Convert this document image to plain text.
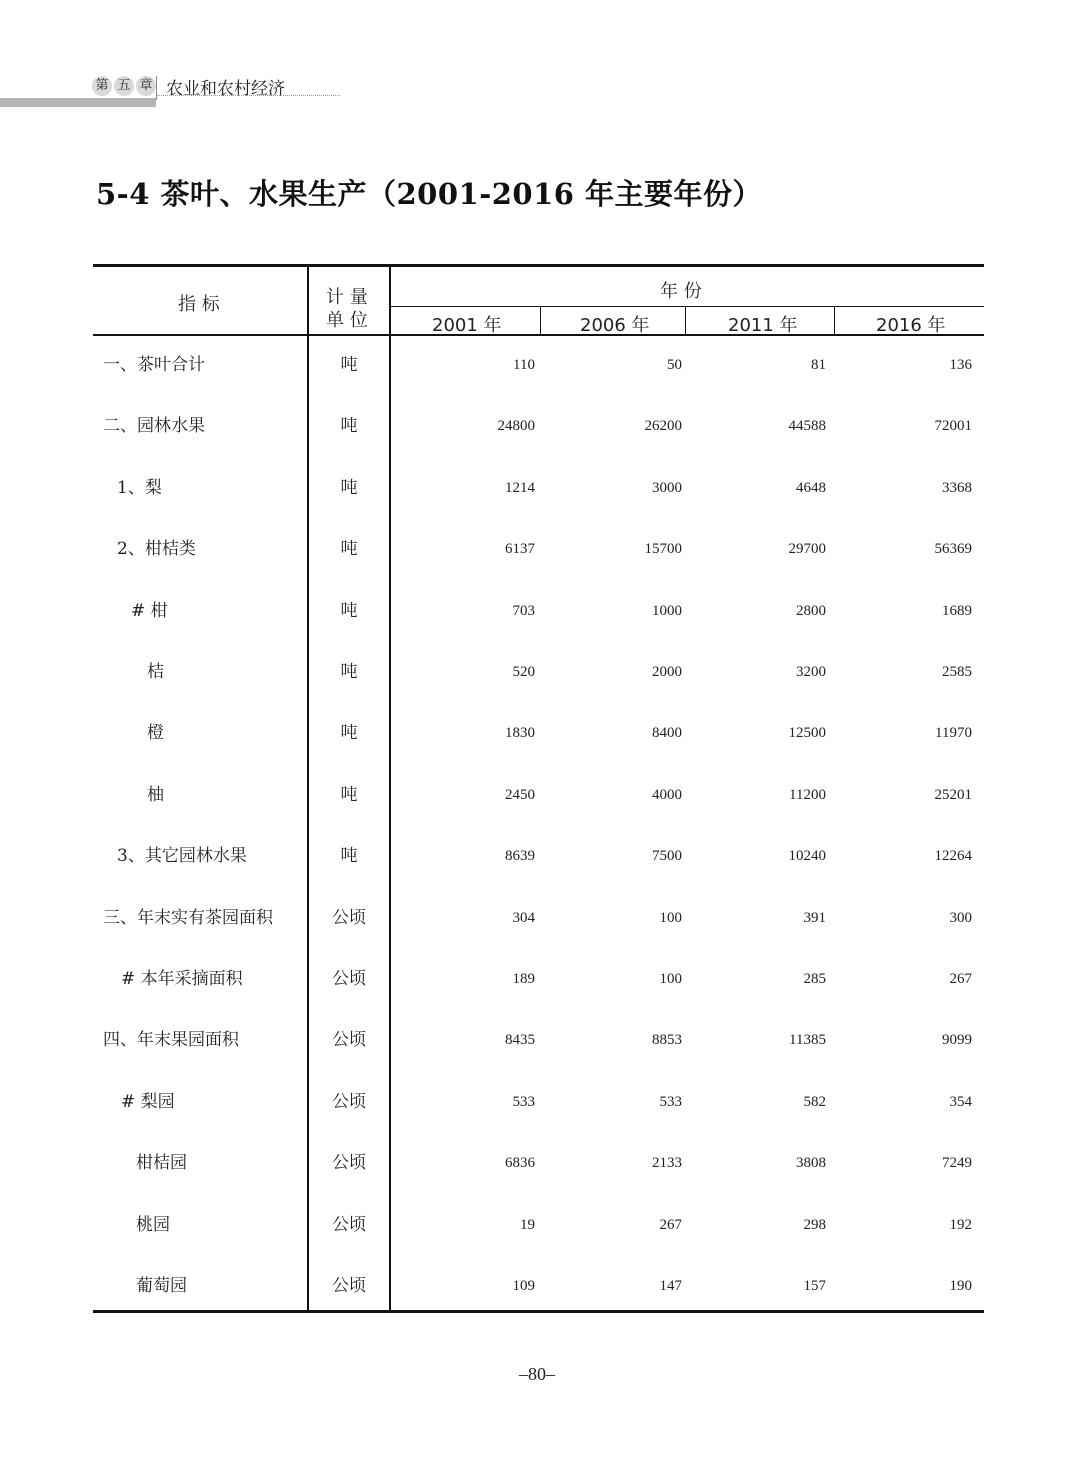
第 五 章 农业和农村经济
5-4 茶叶、水果生产（2001-2016 年主要年份）
指 标	计 量
单 位
年 份
2001 年	2006 年	2011 年	2016 年
一、茶叶合计	吨	110	50	81	136
二、园林水果	吨	24800	26200	44588	72001
1、梨	吨	1214	3000	4648	3368
2、柑桔类	吨	6137	15700	29700	56369
# 柑	吨	703	1000	2800	1689
桔	吨	520	2000	3200	2585
橙	吨	1830	8400	12500	11970
柚	吨	2450	4000	11200	25201
3、其它园林水果	吨	8639	7500	10240	12264
三、年末实有茶园面积	公顷	304	100	391	300
# 本年采摘面积	公顷	189	100	285	267
四、年末果园面积	公顷	8435	8853	11385	9099
# 梨园	公顷	533	533	582	354
柑桔园	公顷	6836	2133	3808	7249
桃园	公顷	19	267	298	192
葡萄园	公顷	109	147	157	190
–80–
